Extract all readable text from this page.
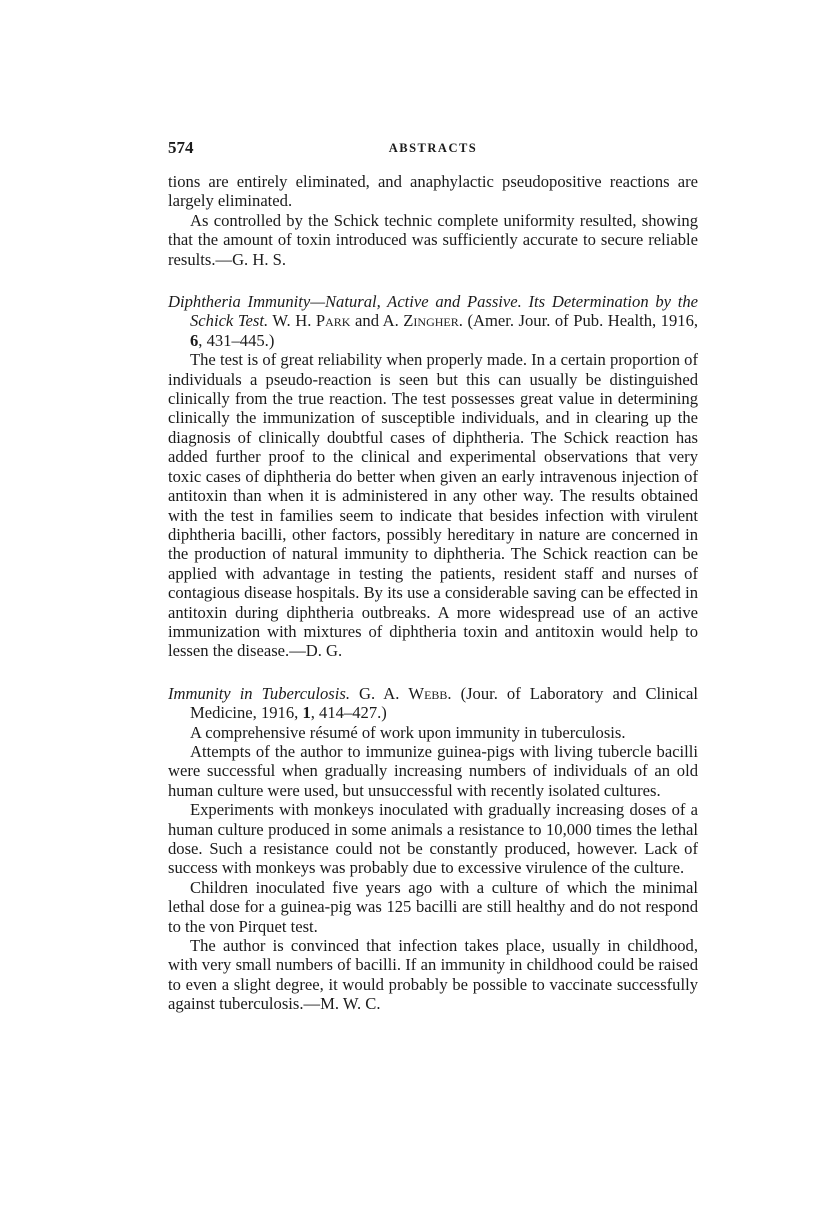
574	ABSTRACTS

tions are entirely eliminated, and anaphylactic pseudopositive reactions are largely eliminated.

As controlled by the Schick technic complete uniformity resulted, showing that the amount of toxin introduced was sufficiently accurate to secure reliable results.—G. H. S.

Diphtheria Immunity—Natural, Active and Passive. Its Determination by the Schick Test. W. H. Park and A. Zingher. (Amer. Jour. of Pub. Health, 1916, 6, 431–445.)

The test is of great reliability when properly made. In a certain proportion of individuals a pseudo-reaction is seen but this can usually be distinguished clinically from the true reaction. The test possesses great value in determining clinically the immunization of susceptible individuals, and in clearing up the diagnosis of clinically doubtful cases of diphtheria. The Schick reaction has added further proof to the clinical and experimental observations that very toxic cases of diphtheria do better when given an early intravenous injection of antitoxin than when it is administered in any other way. The results obtained with the test in families seem to indicate that besides infection with virulent diphtheria bacilli, other factors, possibly hereditary in nature are concerned in the production of natural immunity to diphtheria. The Schick reaction can be applied with advantage in testing the patients, resident staff and nurses of contagious disease hospitals. By its use a considerable saving can be effected in antitoxin during diphtheria outbreaks. A more widespread use of an active immunization with mixtures of diphtheria toxin and antitoxin would help to lessen the disease.—D. G.

Immunity in Tuberculosis. G. A. Webb. (Jour. of Laboratory and Clinical Medicine, 1916, 1, 414–427.)

A comprehensive résumé of work upon immunity in tuberculosis.

Attempts of the author to immunize guinea-pigs with living tubercle bacilli were successful when gradually increasing numbers of individuals of an old human culture were used, but unsuccessful with recently isolated cultures.

Experiments with monkeys inoculated with gradually increasing doses of a human culture produced in some animals a resistance to 10,000 times the lethal dose. Such a resistance could not be constantly produced, however. Lack of success with monkeys was probably due to excessive virulence of the culture.

Children inoculated five years ago with a culture of which the minimal lethal dose for a guinea-pig was 125 bacilli are still healthy and do not respond to the von Pirquet test.

The author is convinced that infection takes place, usually in childhood, with very small numbers of bacilli. If an immunity in childhood could be raised to even a slight degree, it would probably be possible to vaccinate successfully against tuberculosis.—M. W. C.
